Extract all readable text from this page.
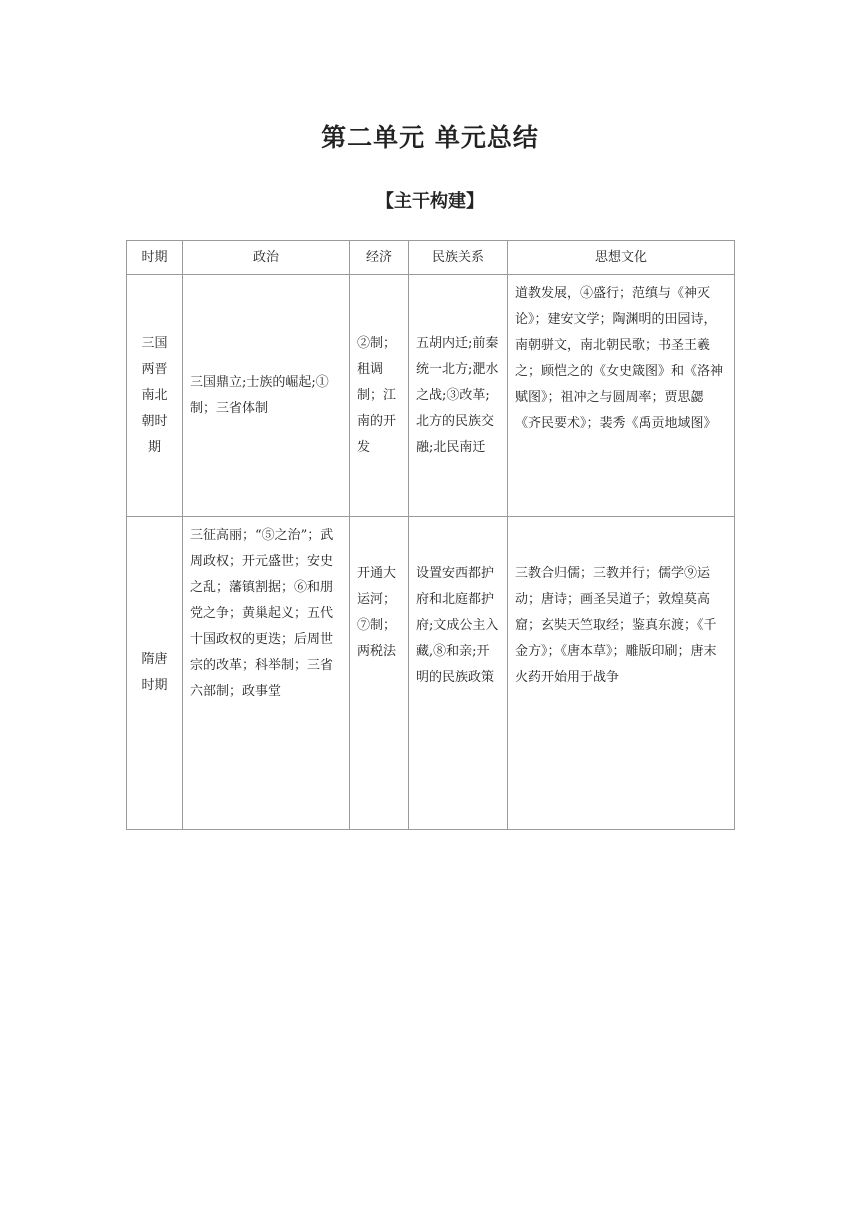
第二单元 单元总结
【主干构建】
时期	政治	经济	民族关系	思想文化
三国两晋南北朝时期	三国鼎立;士族的崛起;①制；三省体制	②制；租调制；江南的开发	五胡内迁;前秦统一北方;淝水之战;③改革;北方的民族交融;北民南迁	道教发展，④盛行；范缜与《神灭论》；建安文学；陶渊明的田园诗，南朝骈文，南北朝民歌；书圣王羲之；顾恺之的《女史箴图》和《洛神赋图》；祖冲之与圆周率；贾思勰《齐民要术》；裴秀《禹贡地域图》
隋唐时期	三征高丽；“⑤之治”；武周政权；开元盛世；安史之乱；藩镇割据；⑥和朋党之争；黄巢起义；五代十国政权的更迭；后周世宗的改革；科举制；三省六部制；政事堂	开通大运河；⑦制；两税法	设置安西都护府和北庭都护府;文成公主入藏,⑧和亲;开明的民族政策	三教合归儒；三教并行；儒学⑨运动；唐诗；画圣吴道子；敦煌莫高窟；玄奘天竺取经；鉴真东渡；《千金方》；《唐本草》；雕版印刷；唐末火药开始用于战争
